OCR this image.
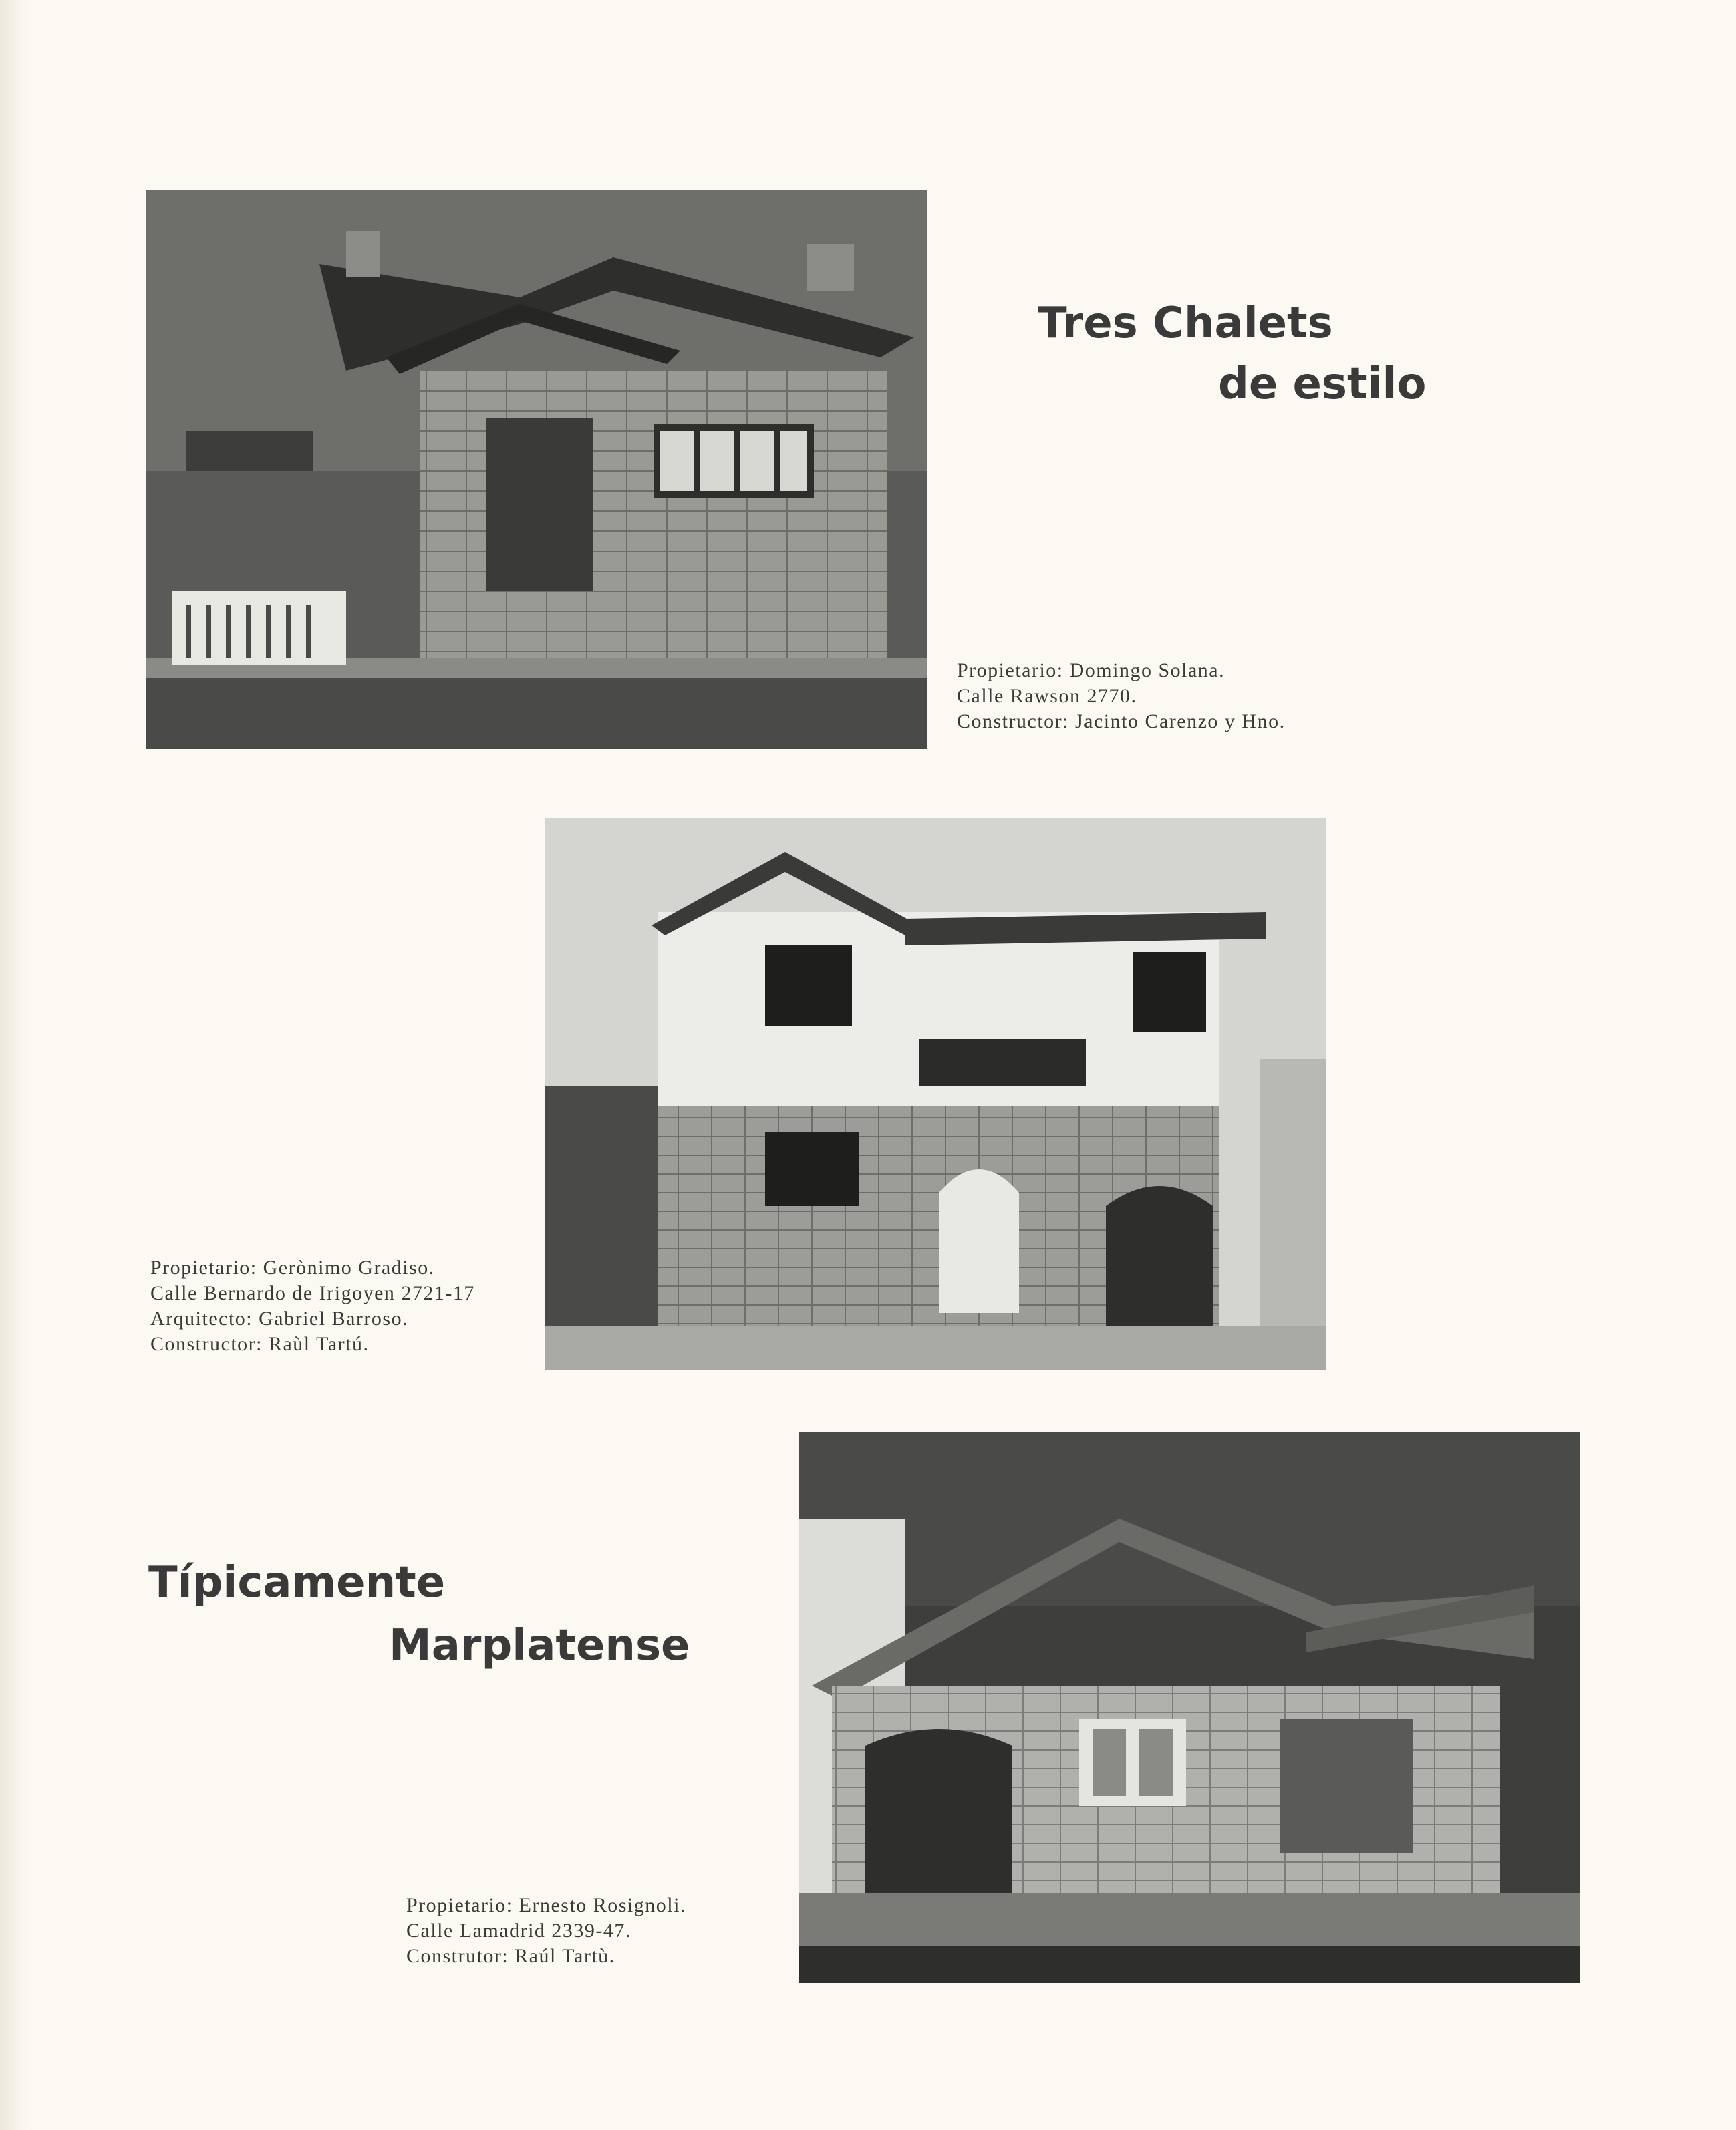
Tres Chalets
de estilo
Propietario: Domingo Solana.
Calle Rawson 2770.
Constructor: Jacinto Carenzo y Hno.
Propietario: Gerònimo Gradiso.
Calle Bernardo de Irigoyen 2721-17
Arquitecto: Gabriel Barroso.
Constructor: Raùl Tartú.
Típicamente
Marplatense
Propietario: Ernesto Rosignoli.
Calle Lamadrid 2339-47.
Construtor: Raúl Tartù.
